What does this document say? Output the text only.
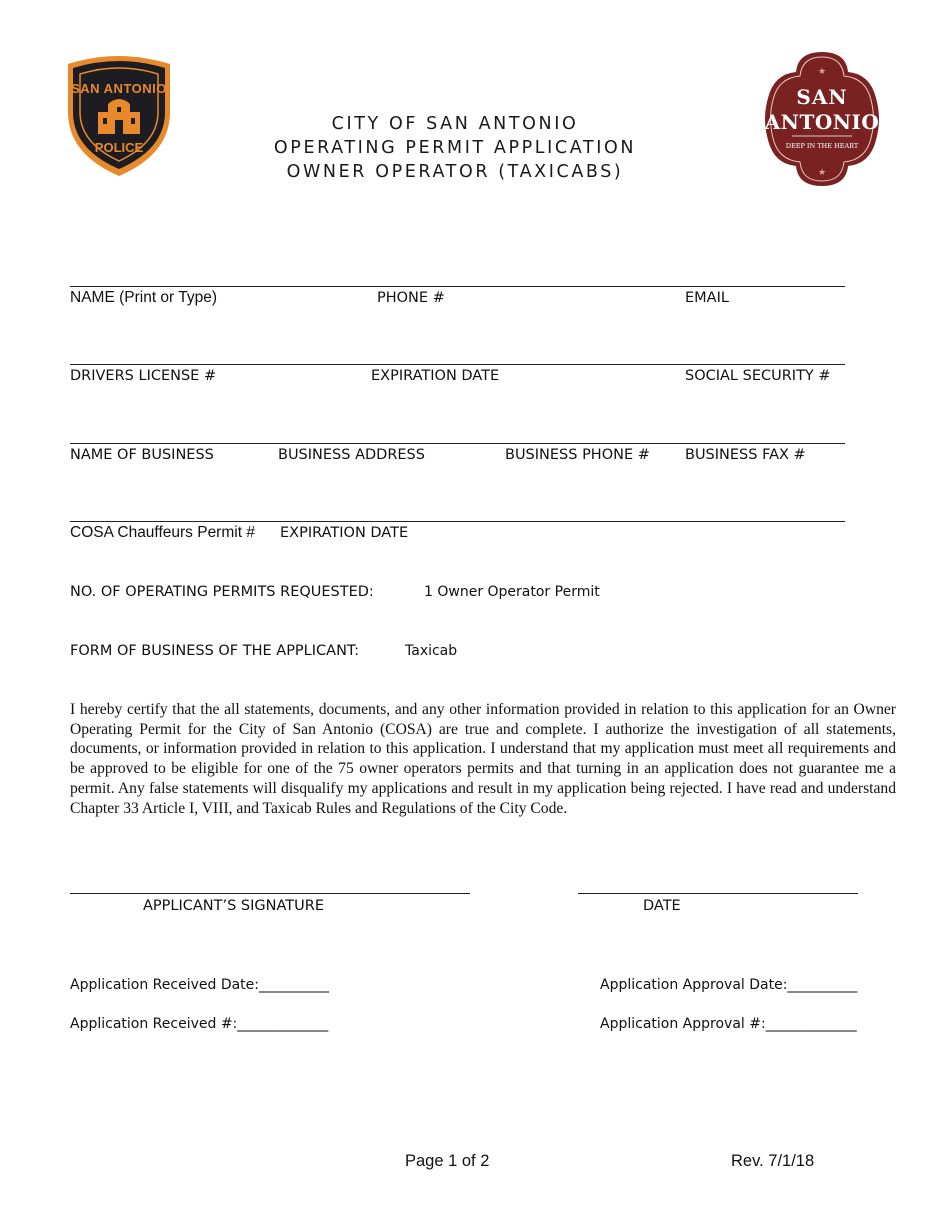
SAN ANTONIO
POLICE
★
SAN
ANTONIO
DEEP IN THE HEART
★
CITY OF SAN ANTONIO
OPERATING PERMIT APPLICATION
OWNER OPERATOR (TAXICABS)
NAME (Print or Type)	PHONE #	EMAIL
DRIVERS LICENSE #	EXPIRATION DATE	SOCIAL SECURITY #
NAME OF BUSINESS	BUSINESS ADDRESS	BUSINESS PHONE # BUSINESS FAX #
COSA Chauffeurs Permit # EXPIRATION DATE
NO. OF OPERATING PERMITS REQUESTED:	1 Owner Operator Permit
FORM OF BUSINESS OF THE APPLICANT:	Taxicab
I hereby certify that the all statements, documents, and any other information provided in relation to this application for an Owner Operating Permit for the City of San Antonio (COSA) are true and complete. I authorize the investigation of all statements, documents, or information provided in relation to this application. I understand that my application must meet all requirements and be approved to be eligible for one of the 75 owner operators permits and that turning in an application does not guarantee me a permit. Any false statements will disqualify my applications and result in my application being rejected. I have read and understand Chapter 33 Article I, VIII, and Taxicab Rules and Regulations of the City Code.
APPLICANT’S SIGNATURE	DATE
Application Received Date:__________	Application Approval Date:__________
Application Received #:_____________	Application Approval #:_____________
Page 1 of 2	Rev. 7/1/18
